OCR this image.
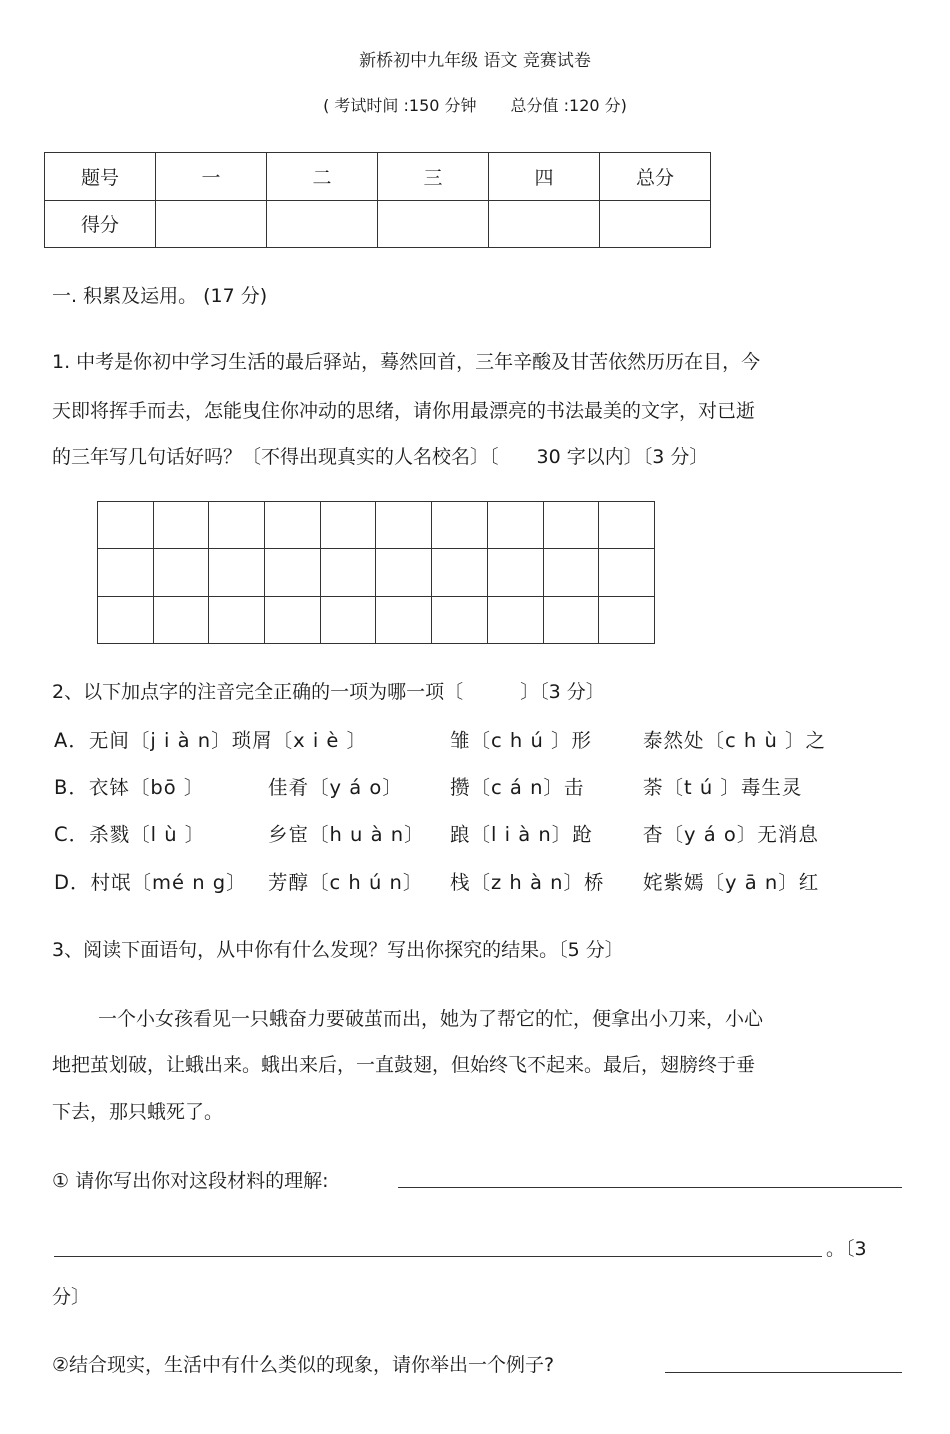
新桥初中九年级 语文 竞赛试卷
( 考试时间 :150 分钟 总分值 :120 分)
题号	一	二	三	四	总分
得分					
一. 积累及运用。 (17 分)
1. 中考是你初中学习生活的最后驿站，蓦然回首，三年辛酸及甘苦依然历历在目，今
天即将挥手而去，怎能曳住你冲动的思绪，请你用最漂亮的书法最美的文字，对已逝
的三年写几句话好吗？〔不得出现真实的人名校名〕〔　　30 字以内〕〔3 分〕

2、以下加点字的注音完全正确的一项为哪一项〔　　　〕〔3 分〕
A．无间〔j i à n〕琐屑〔x i è 〕	雏〔c h ú 〕形	泰然处〔c h ù 〕之
B．衣钵〔bō 〕	佳肴〔y á o〕 攒〔c á n〕击	荼〔t ú 〕毒生灵
C．杀戮〔l ù 〕	乡宦〔h u à n〕 踉〔l i à n〕跄	杳〔y á o〕无消息
D．村氓〔mé n g〕 芳醇〔c h ú n〕 栈〔z h à n〕桥 姹紫嫣〔y ā n〕红
3、阅读下面语句，从中你有什么发现？写出你探究的结果。〔5 分〕
一个小女孩看见一只蛾奋力要破茧而出，她为了帮它的忙，便拿出小刀来，小心
地把茧划破，让蛾出来。蛾出来后，一直鼓翅，但始终飞不起来。最后，翅膀终于垂
下去，那只蛾死了。
① 请你写出你对这段材料的理解:
。〔3
分〕
②结合现实，生活中有什么类似的现象，请你举出一个例子?
